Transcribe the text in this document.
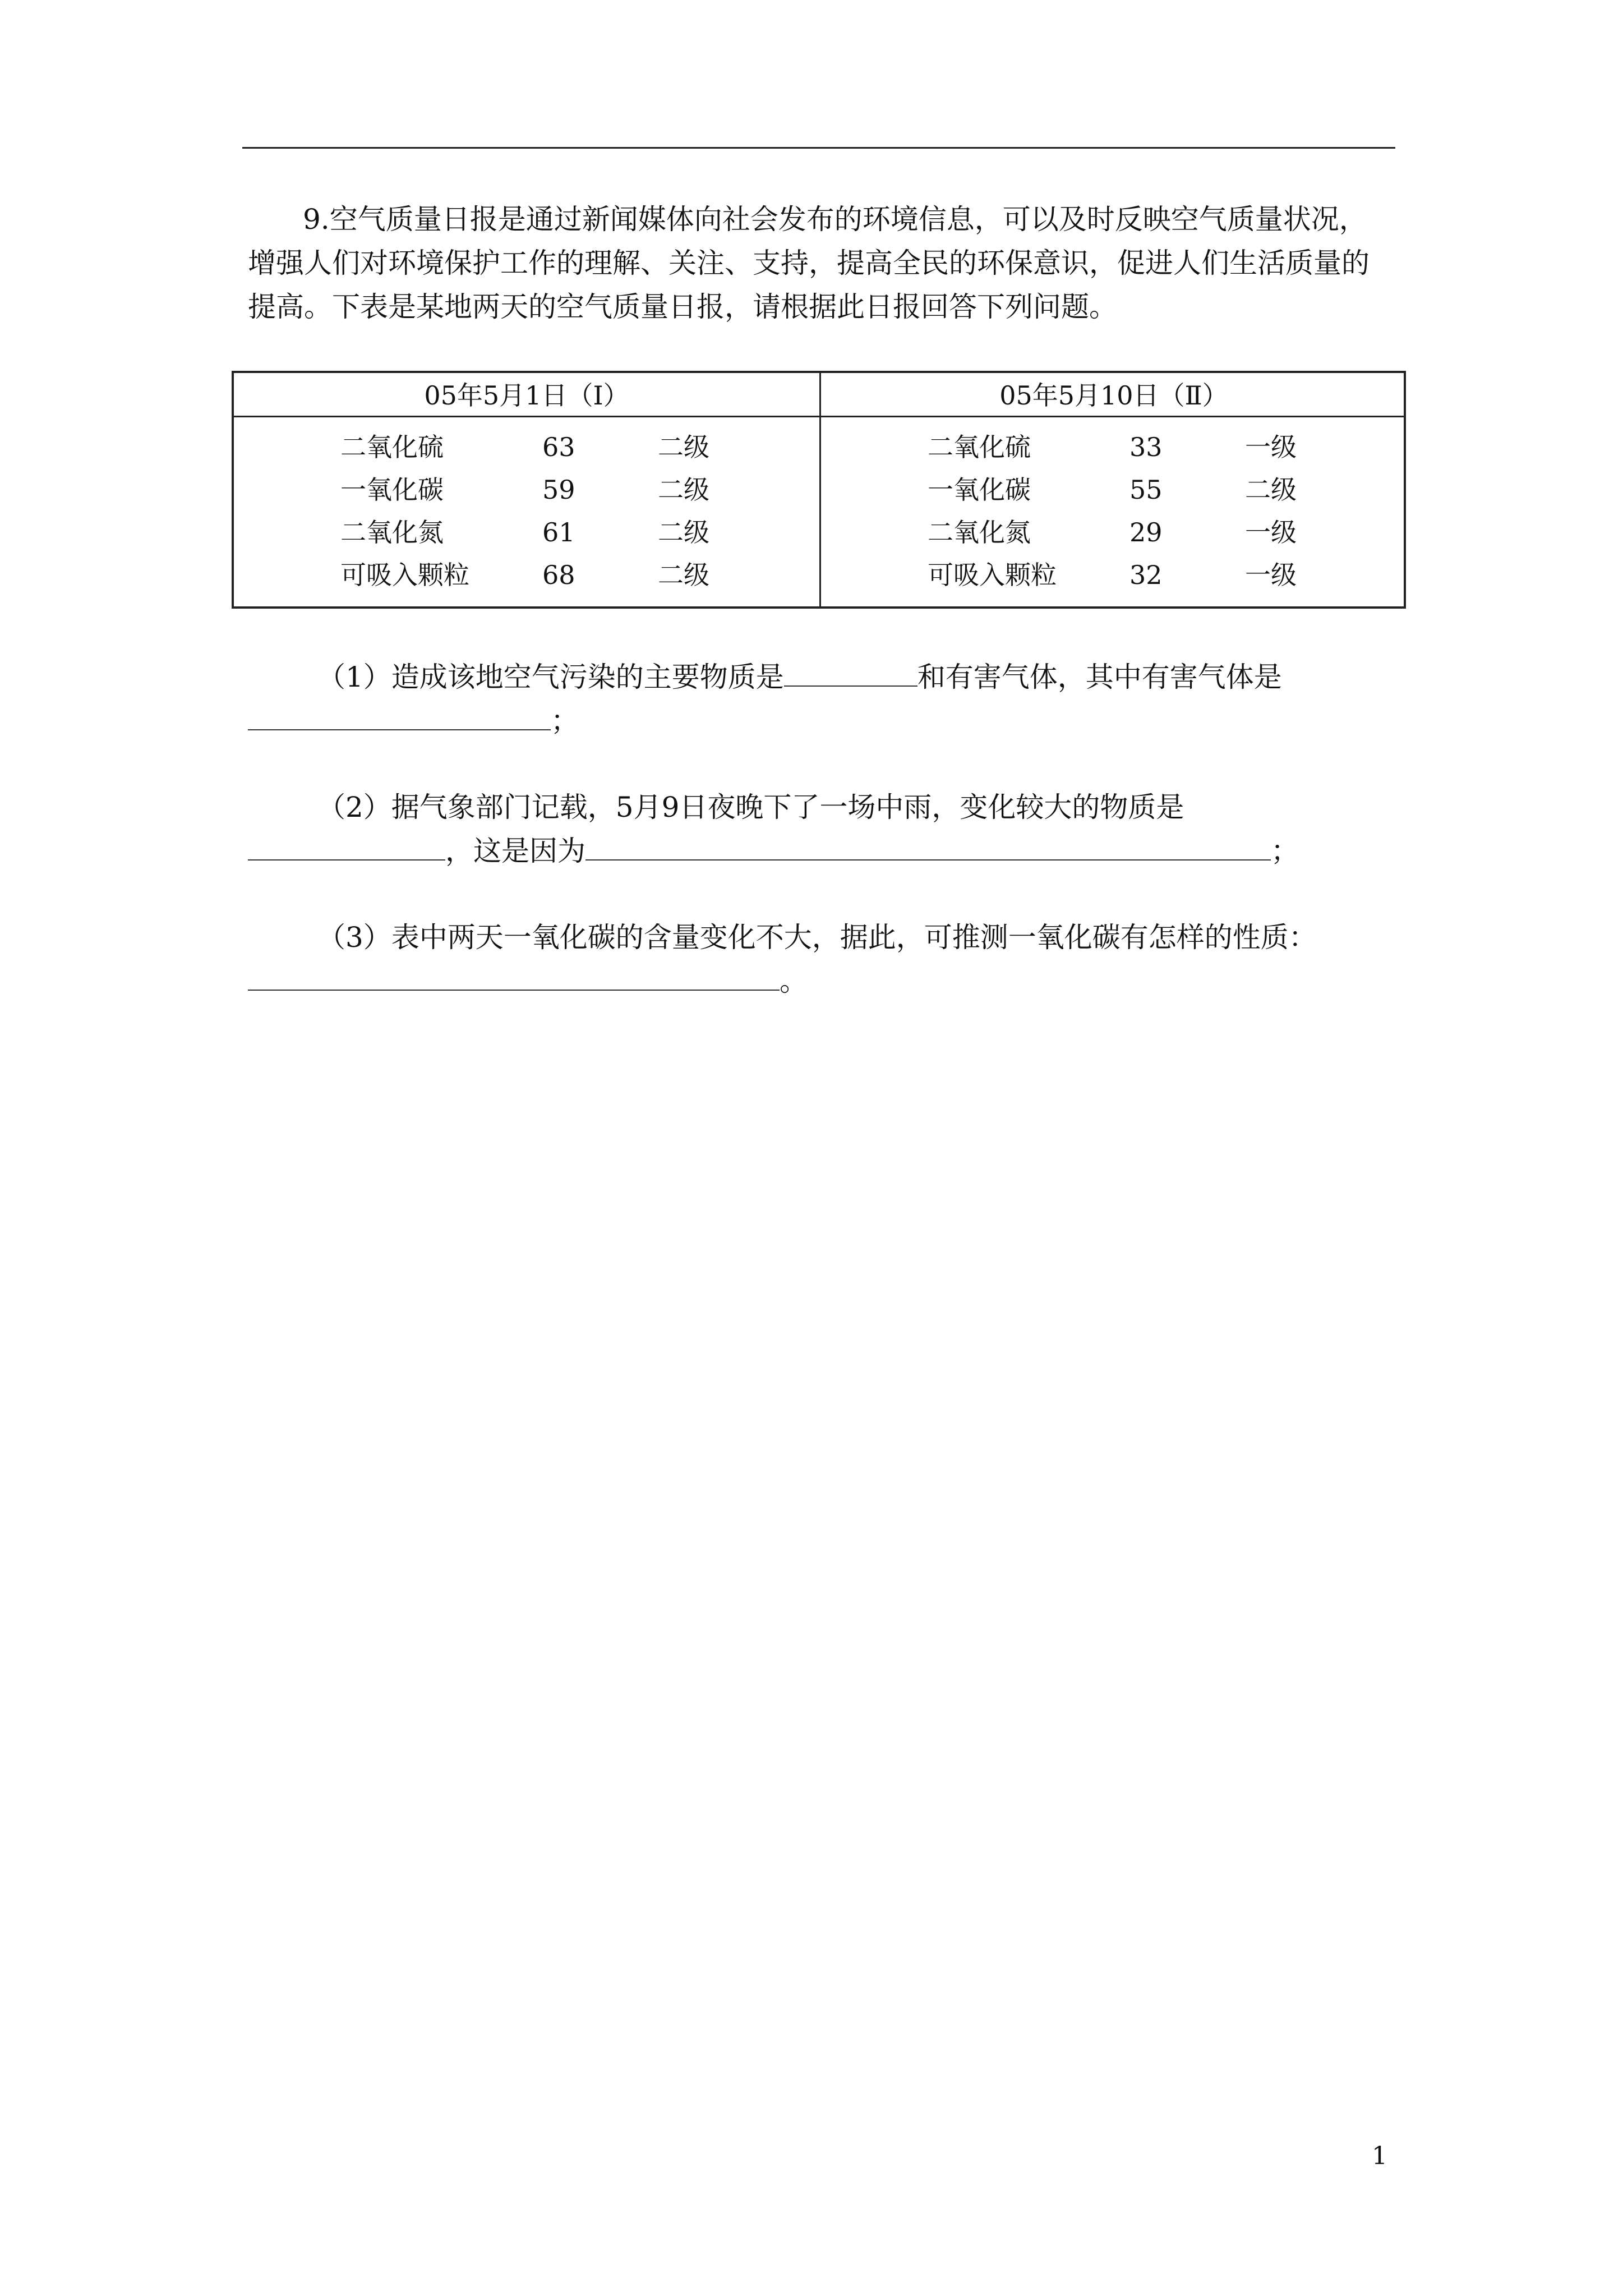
9.空气质量日报是通过新闻媒体向社会发布的环境信息，可以及时反映空气质量状况，

增强人们对环境保护工作的理解、关注、支持，提高全民的环保意识，促进人们生活质量的

提高。下表是某地两天的空气质量日报，请根据此日报回答下列问题。

05年5月1日（Ⅰ）
二氧化硫	63	二级
一氧化碳	59	二级
二氧化氮	61	二级
可吸入颗粒	68	二级
05年5月10日（Ⅱ）
二氧化硫	33	一级
一氧化碳	55	二级
二氧化氮	29	一级
可吸入颗粒	32	一级

（1）造成该地空气污染的主要物质是	和有害气体，其中有害气体是

；

（2）据气象部门记载，5月9日夜晚下了一场中雨，变化较大的物质是

，这是因为	；

（3）表中两天一氧化碳的含量变化不大，据此，可推测一氧化碳有怎样的性质：

。

1
